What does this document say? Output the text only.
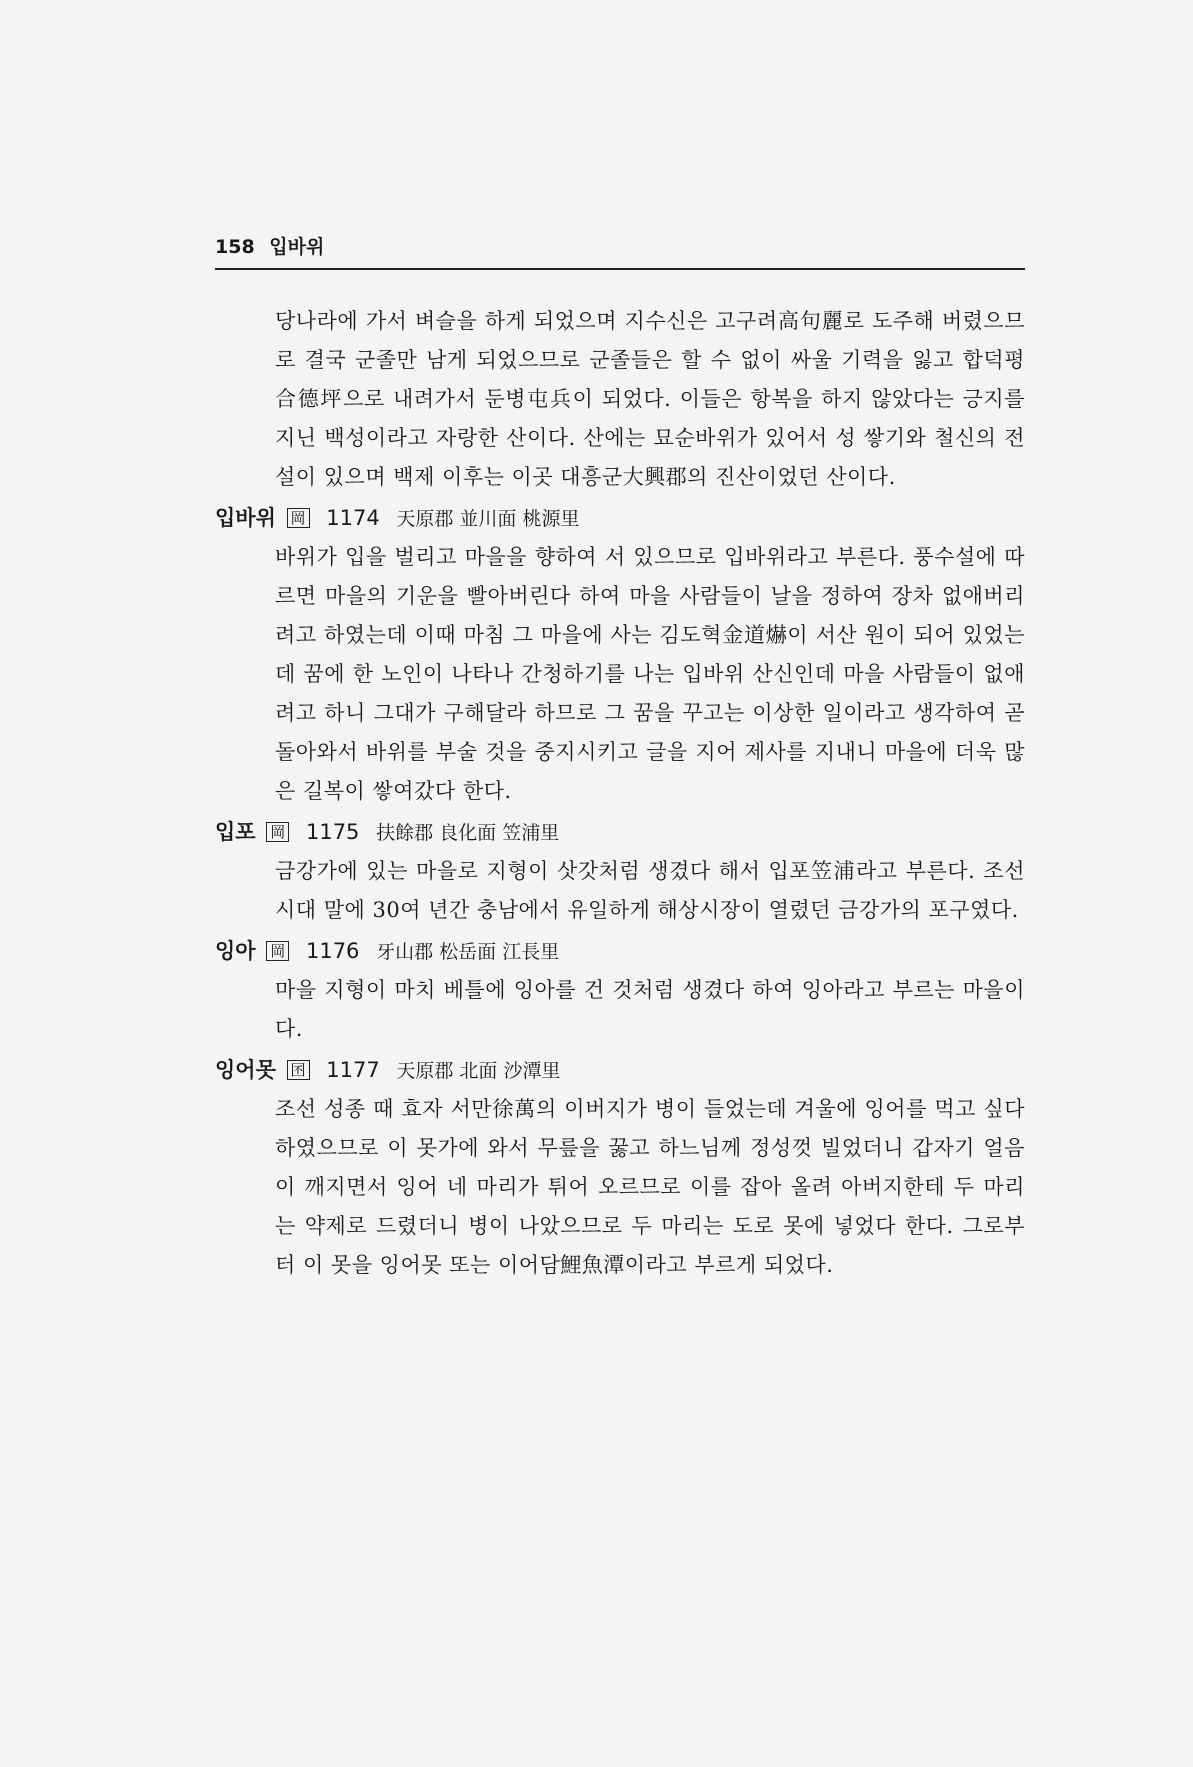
158 입바위

당나라에 가서 벼슬을 하게 되었으며 지수신은 고구려高句麗로 도주해 버렸으므로 결국 군졸만 남게 되었으므로 군졸들은 할 수 없이 싸울 기력을 잃고 합덕평合德坪으로 내려가서 둔병屯兵이 되었다. 이들은 항복을 하지 않았다는 긍지를 지닌 백성이라고 자랑한 산이다. 산에는 묘순바위가 있어서 성 쌓기와 철신의 전설이 있으며 백제 이후는 이곳 대흥군大興郡의 진산이었던 산이다.

입바위 岡 1174 天原郡 並川面 桃源里

바위가 입을 벌리고 마을을 향하여 서 있으므로 입바위라고 부른다. 풍수설에 따르면 마을의 기운을 빨아버린다 하여 마을 사람들이 날을 정하여 장차 없애버리려고 하였는데 이때 마침 그 마을에 사는 김도혁金道爀이 서산 원이 되어 있었는데 꿈에 한 노인이 나타나 간청하기를 나는 입바위 산신인데 마을 사람들이 없애려고 하니 그대가 구해달라 하므로 그 꿈을 꾸고는 이상한 일이라고 생각하여 곧 돌아와서 바위를 부술 것을 중지시키고 글을 지어 제사를 지내니 마을에 더욱 많은 길복이 쌓여갔다 한다.

입포 岡 1175 扶餘郡 良化面 笠浦里

금강가에 있는 마을로 지형이 삿갓처럼 생겼다 해서 입포笠浦라고 부른다. 조선시대 말에 30여 년간 충남에서 유일하게 해상시장이 열렸던 금강가의 포구였다.

잉아 岡 1176 牙山郡 松岳面 江長里

마을 지형이 마치 베틀에 잉아를 건 것처럼 생겼다 하여 잉아라고 부르는 마을이다.

잉어못 囨 1177 天原郡 北面 沙潭里

조선 성종 때 효자 서만徐萬의 이버지가 병이 들었는데 겨울에 잉어를 먹고 싶다 하였으므로 이 못가에 와서 무릎을 꿇고 하느님께 정성껏 빌었더니 갑자기 얼음이 깨지면서 잉어 네 마리가 튀어 오르므로 이를 잡아 올려 아버지한테 두 마리는 약제로 드렸더니 병이 나았으므로 두 마리는 도로 못에 넣었다 한다. 그로부터 이 못을 잉어못 또는 이어담鯉魚潭이라고 부르게 되었다.
